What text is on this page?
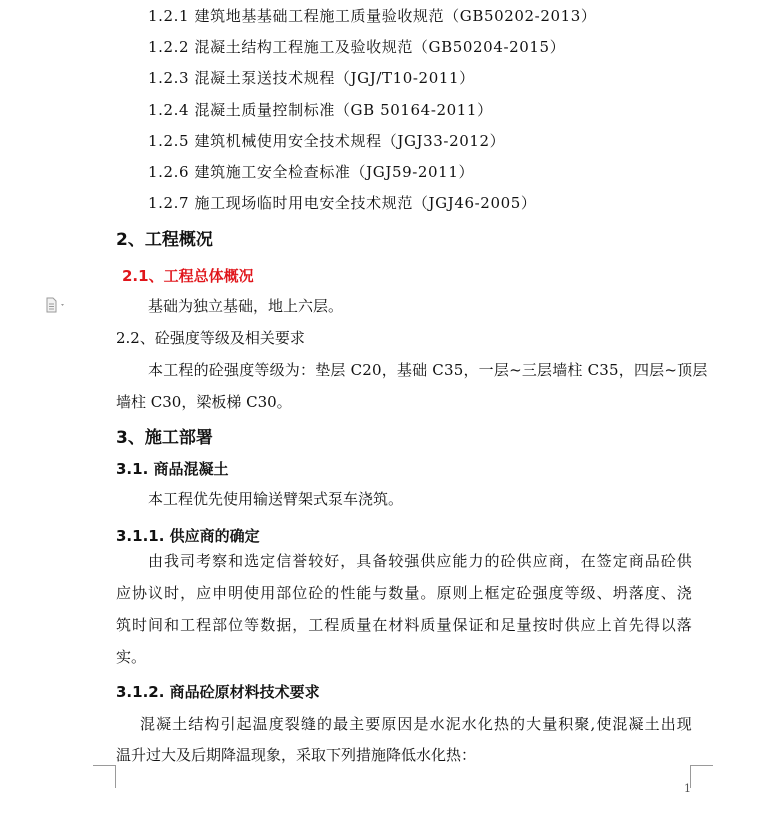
1.2.1 建筑地基基础工程施工质量验收规范（GB50202-2013）
1.2.2 混凝土结构工程施工及验收规范（GB50204-2015）
1.2.3 混凝土泵送技术规程（JGJ/T10-2011）
1.2.4 混凝土质量控制标准（GB 50164-2011）
1.2.5 建筑机械使用安全技术规程（JGJ33-2012）
1.2.6 建筑施工安全检查标准（JGJ59-2011）
1.2.7 施工现场临时用电安全技术规范（JGJ46-2005）
2、工程概况
2.1、工程总体概况
基础为独立基础，地上六层。
2.2、砼强度等级及相关要求
本工程的砼强度等级为：垫层 C20，基础 C35，一层~三层墙柱 C35，四层~顶层
墙柱 C30，梁板梯 C30。
3、施工部署
3.1. 商品混凝土
本工程优先使用输送臂架式泵车浇筑。
3.1.1. 供应商的确定
由我司考察和选定信誉较好，具备较强供应能力的砼供应商，在签定商品砼供
应协议时，应申明使用部位砼的性能与数量。原则上框定砼强度等级、坍落度、浇
筑时间和工程部位等数据，工程质量在材料质量保证和足量按时供应上首先得以落
实。
3.1.2. 商品砼原材料技术要求
混凝土结构引起温度裂缝的最主要原因是水泥水化热的大量积聚,使混凝土出现
温升过大及后期降温现象，采取下列措施降低水化热：
1
